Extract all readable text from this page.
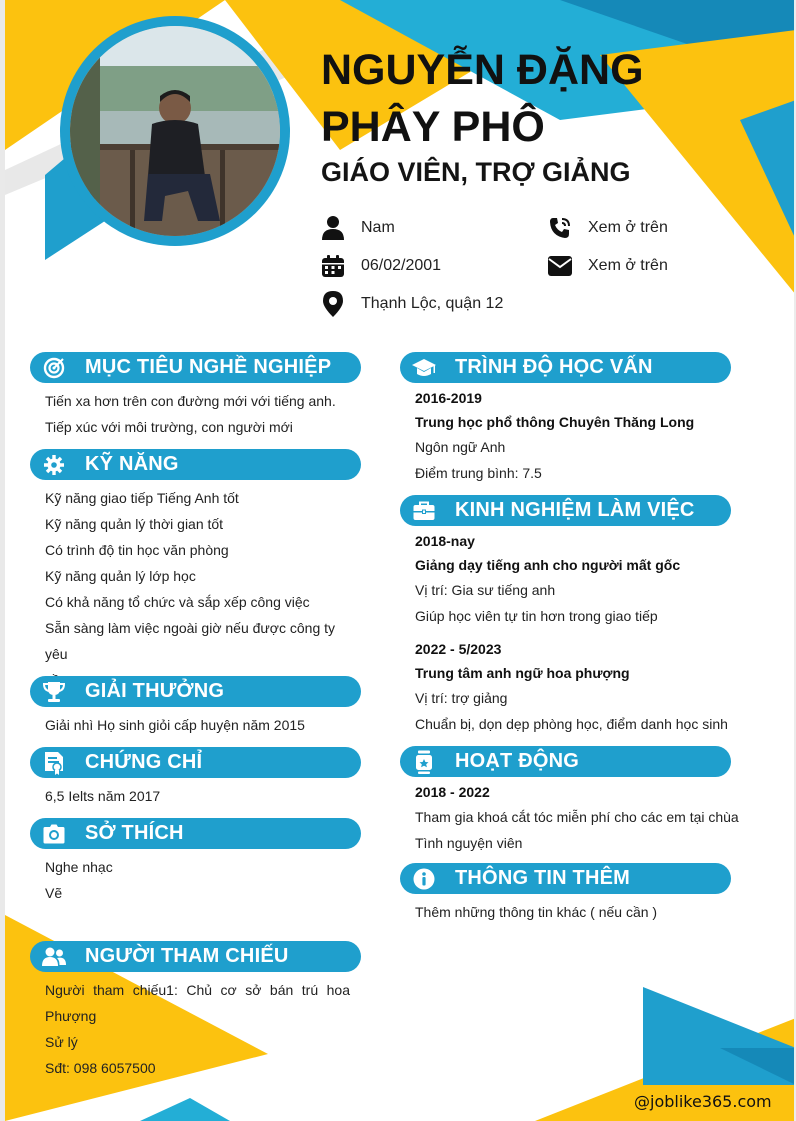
NGUYỄN ĐẶNG PHÂY PHÔ
GIÁO VIÊN, TRỢ GIẢNG
Nam	Xem ở trên
06/02/2001	Xem ở trên
Thạnh Lộc, quận 12
MỤC TIÊU NGHỀ NGHIỆP
Tiến xa hơn trên con đường mới với tiếng anh.
Tiếp xúc với môi trường, con người mới
KỸ NĂNG
Kỹ năng giao tiếp Tiếng Anh tốt
Kỹ năng quản lý thời gian tốt
Có trình độ tin học văn phòng
Kỹ năng quản lý lớp học
Có khả năng tổ chức và sắp xếp công việc
Sẵn sàng làm việc ngoài giờ nếu được công ty yêu
GIẢI THƯỞNG
Giải nhì Họ sinh giỏi cấp huyện năm 2015
CHỨNG CHỈ
6,5 Ielts năm 2017
SỞ THÍCH
Nghe nhạc
Vẽ
NGƯỜI THAM CHIẾU
Người tham chiếu1: Chủ cơ sở bán trú hoa
Phượng
Sử lý
Sđt: 098 6057500
TRÌNH ĐỘ HỌC VẤN
2016-2019
Trung học phổ thông Chuyên Thăng Long
Ngôn ngữ Anh
Điểm trung bình: 7.5
KINH NGHIỆM LÀM VIỆC
2018-nay
Giảng dạy tiếng anh cho người mất gốc
Vị trí: Gia sư tiếng anh
Giúp học viên tự tin hơn trong giao tiếp
2022 - 5/2023
Trung tâm anh ngữ hoa phượng
Vị trí: trợ giảng
Chuẩn bị, dọn dẹp phòng học, điểm danh học sinh
HOẠT ĐỘNG
2018 - 2022
Tham gia khoá cắt tóc miễn phí cho các em tại chùa
Tình nguyện viên
THÔNG TIN THÊM
Thêm những thông tin khác ( nếu cần )
@joblike365.com
